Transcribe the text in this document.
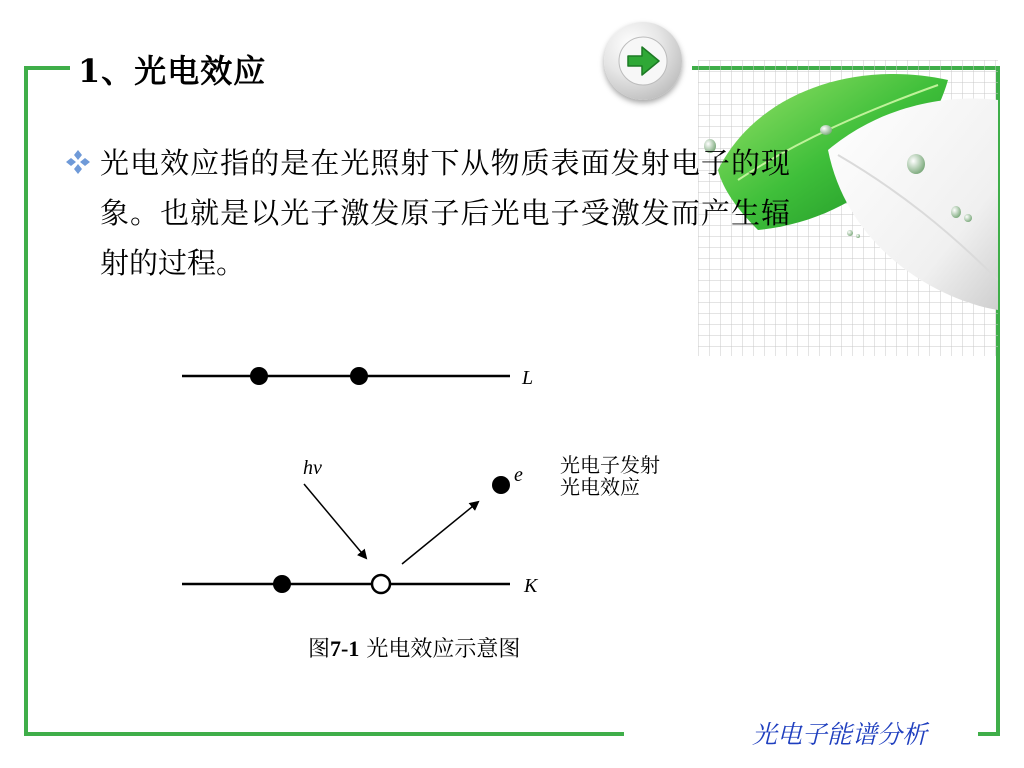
1、光电效应
光电效应指的是在光照射下从物质表面发射电子的现象。也就是以光子激发原子后光电子受激发而产生辐射的过程。
L
K
hv	e 光电子发射
光电效应
图7-1 光电效应示意图
光电子能谱分析
